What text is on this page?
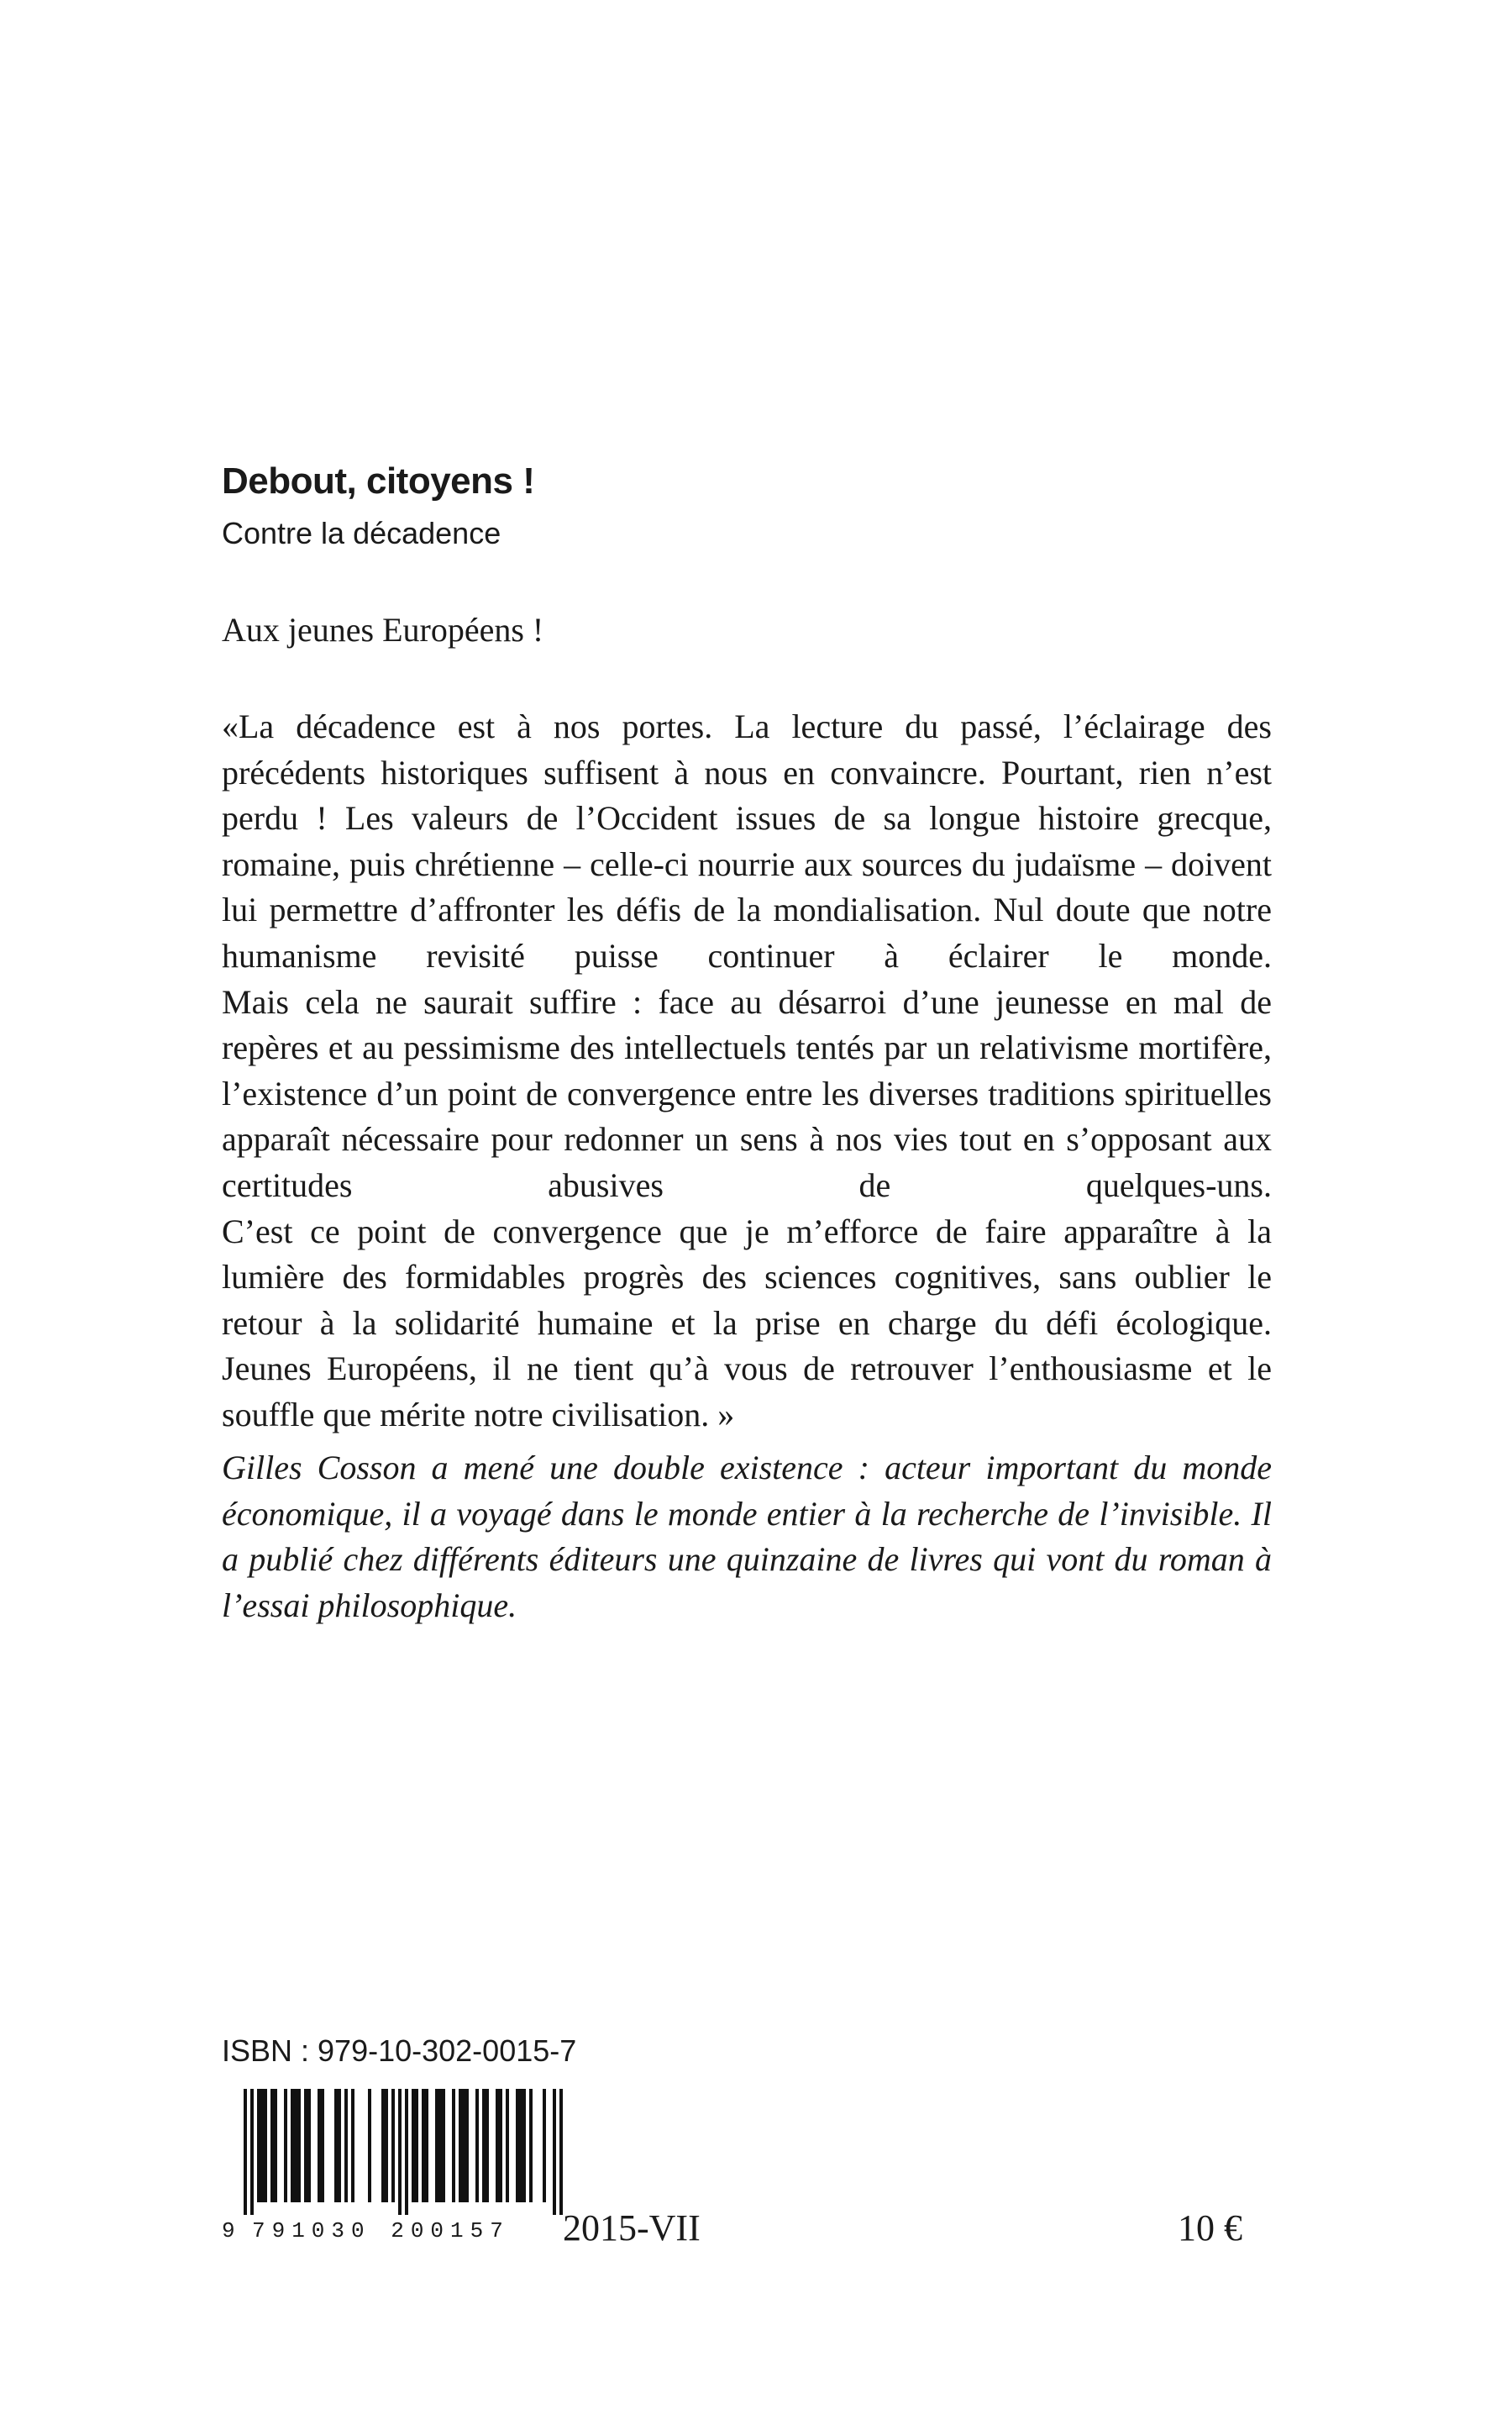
Debout, citoyens !
Contre la décadence
Aux jeunes Européens !

«La décadence est à nos portes. La lecture du passé, l’éclairage des précédents historiques suffisent à nous en convaincre. Pourtant, rien n’est perdu ! Les valeurs de l’Occident issues de sa longue histoire grecque, romaine, puis chrétienne – celle-ci nourrie aux sources du judaïsme – doivent lui permettre d’affronter les défis de la mondialisation. Nul doute que notre humanisme revisité puisse continuer à éclairer le monde.

Mais cela ne saurait suffire : face au désarroi d’une jeunesse en mal de repères et au pessimisme des intellectuels tentés par un relativisme mortifère, l’existence d’un point de convergence entre les diverses traditions spirituelles apparaît nécessaire pour redonner un sens à nos vies tout en s’opposant aux certitudes abusives de quelques-uns.

C’est ce point de convergence que je m’efforce de faire apparaître à la lumière des formidables progrès des sciences cognitives, sans oublier le retour à la solidarité humaine et la prise en charge du défi écologique.

Jeunes Européens, il ne tient qu’à vous de retrouver l’enthousiasme et le souffle que mérite notre civilisation. »

Gilles Cosson a mené une double existence : acteur important du monde économique, il a voyagé dans le monde entier à la recherche de l’invisible. Il a publié chez différents éditeurs une quinzaine de livres qui vont du roman à l’essai philosophique.

ISBN : 979-10-302-0015-7
9 791030 200157	2015-VII	10 €
